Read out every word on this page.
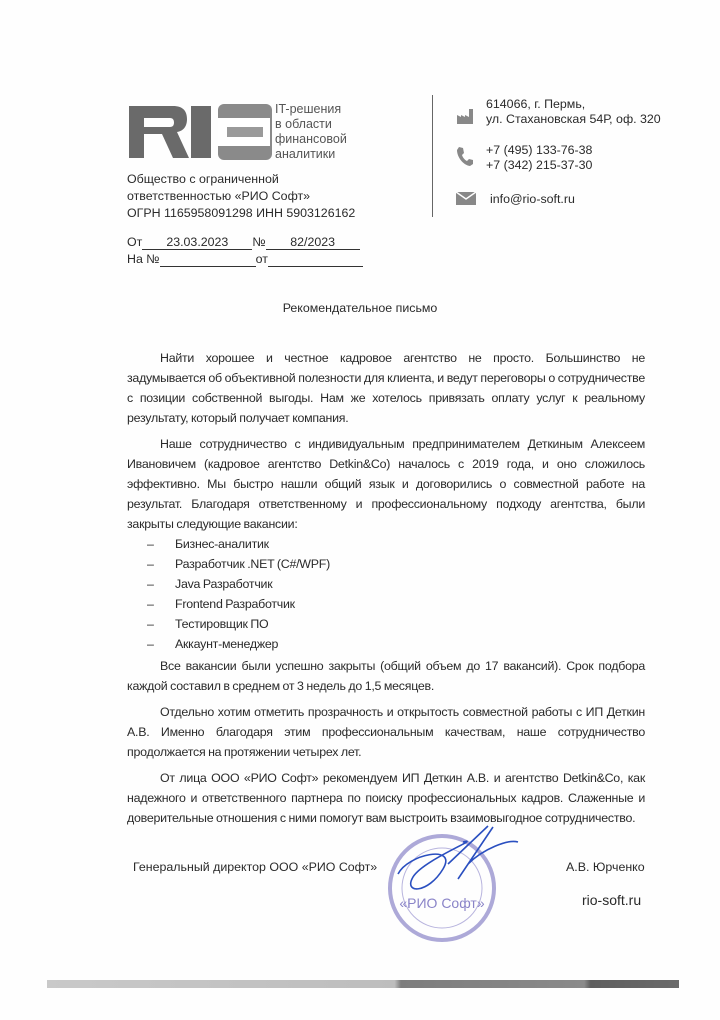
IT-решения
в области
финансовой
аналитики
Общество с ограниченной
ответственностью «РИО Софт»
ОГРН 1165958091298 ИНН 5903126162
От 23.03.2023 № 82/2023
На №	от
614066, г. Пермь,
ул. Стахановская 54Р, оф. 320
+7 (495) 133-76-38
+7 (342) 215-37-30
info@rio-soft.ru
Рекомендательное письмо

Найти хорошее и честное кадровое агентство не просто. Большинство не задумывается об объективной полезности для клиента, и ведут переговоры о сотрудничестве с позиции собственной выгоды. Нам же хотелось привязать оплату услуг к реальному результату, который получает компания.

Наше сотрудничество с индивидуальным предпринимателем Деткиным Алексеем Ивановичем (кадровое агентство Detkin&Co) началось с 2019 года, и оно сложилось эффективно. Мы быстро нашли общий язык и договорились о совместной работе на результат. Благодаря ответственному и профессиональному подходу агентства, были закрыты следующие вакансии:

– Бизнес-аналитик
– Разработчик .NET (C#/WPF)
– Java Разработчик
– Frontend Разработчик
– Тестировщик ПО
– Аккаунт-менеджер

Все вакансии были успешно закрыты (общий объем до 17 вакансий). Срок подбора каждой составил в среднем от 3 недель до 1,5 месяцев.

Отдельно хотим отметить прозрачность и открытость совместной работы с ИП Деткин А.В. Именно благодаря этим профессиональным качествам, наше сотрудничество продолжается на протяжении четырех лет.

От лица ООО «РИО Софт» рекомендуем ИП Деткин А.В. и агентство Detkin&Co, как надежного и ответственного партнера по поиску профессиональных кадров. Слаженные и доверительные отношения с ними помогут вам выстроить взаимовыгодное сотрудничество.

Генеральный директор ООО «РИО Софт»
«РИО Софт»
А.В. Юрченко
rio-soft.ru
